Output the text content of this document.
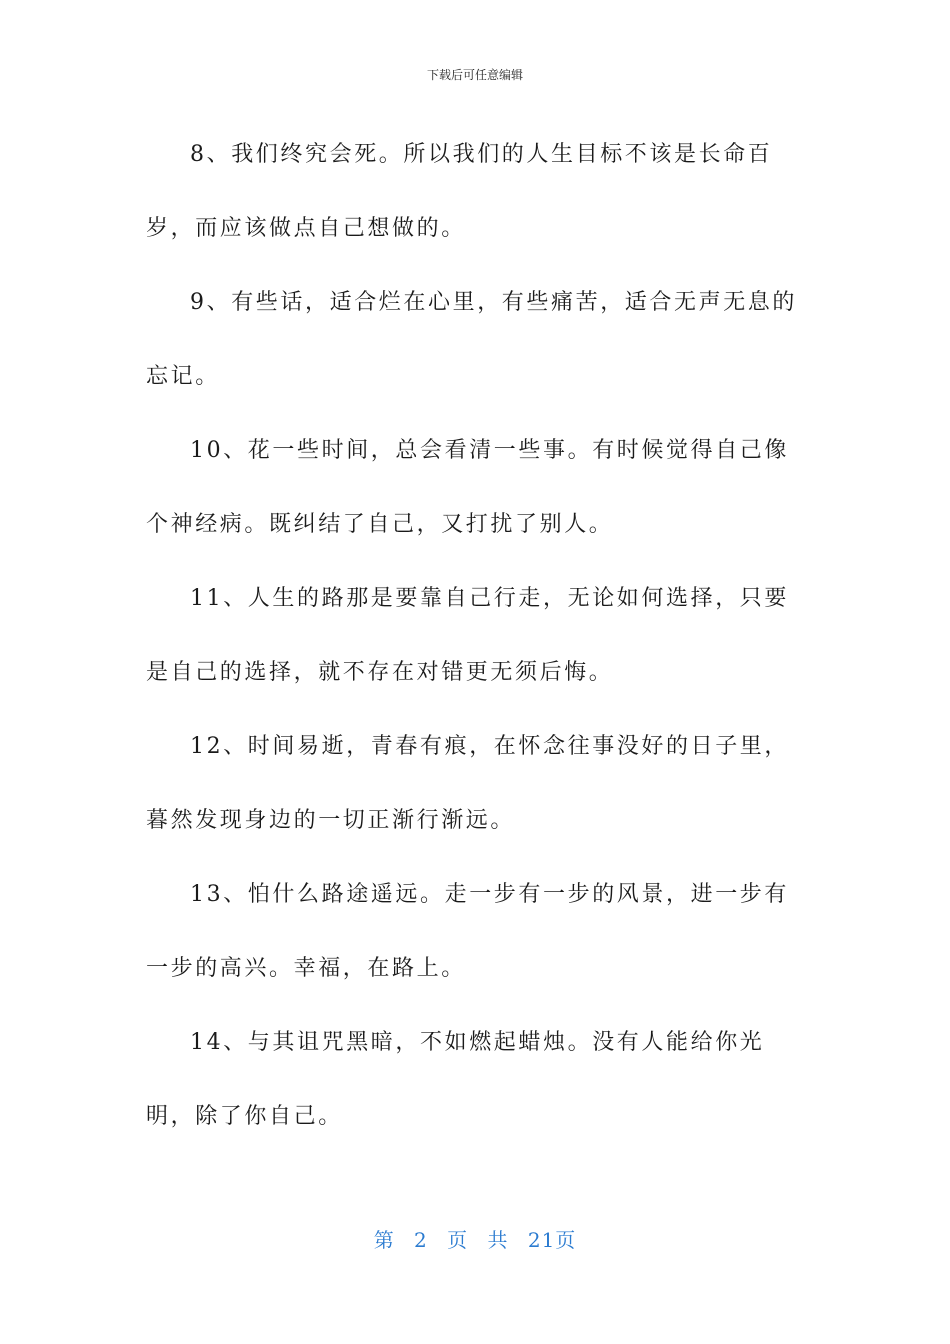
下载后可任意编辑

8、我们终究会死。所以我们的人生目标不该是长命百岁，而应该做点自己想做的。

9、有些话，适合烂在心里，有些痛苦，适合无声无息的忘记。

10、花一些时间，总会看清一些事。有时候觉得自己像个神经病。既纠结了自己，又打扰了别人。

11、人生的路那是要靠自己行走，无论如何选择，只要是自己的选择，就不存在对错更无须后悔。

12、时间易逝，青春有痕，在怀念往事没好的日子里，暮然发现身边的一切正渐行渐远。

13、怕什么路途遥远。走一步有一步的风景，进一步有一步的高兴。幸福，在路上。

14、与其诅咒黑暗，不如燃起蜡烛。没有人能给你光明，除了你自己。

第 2 页 共 21页
